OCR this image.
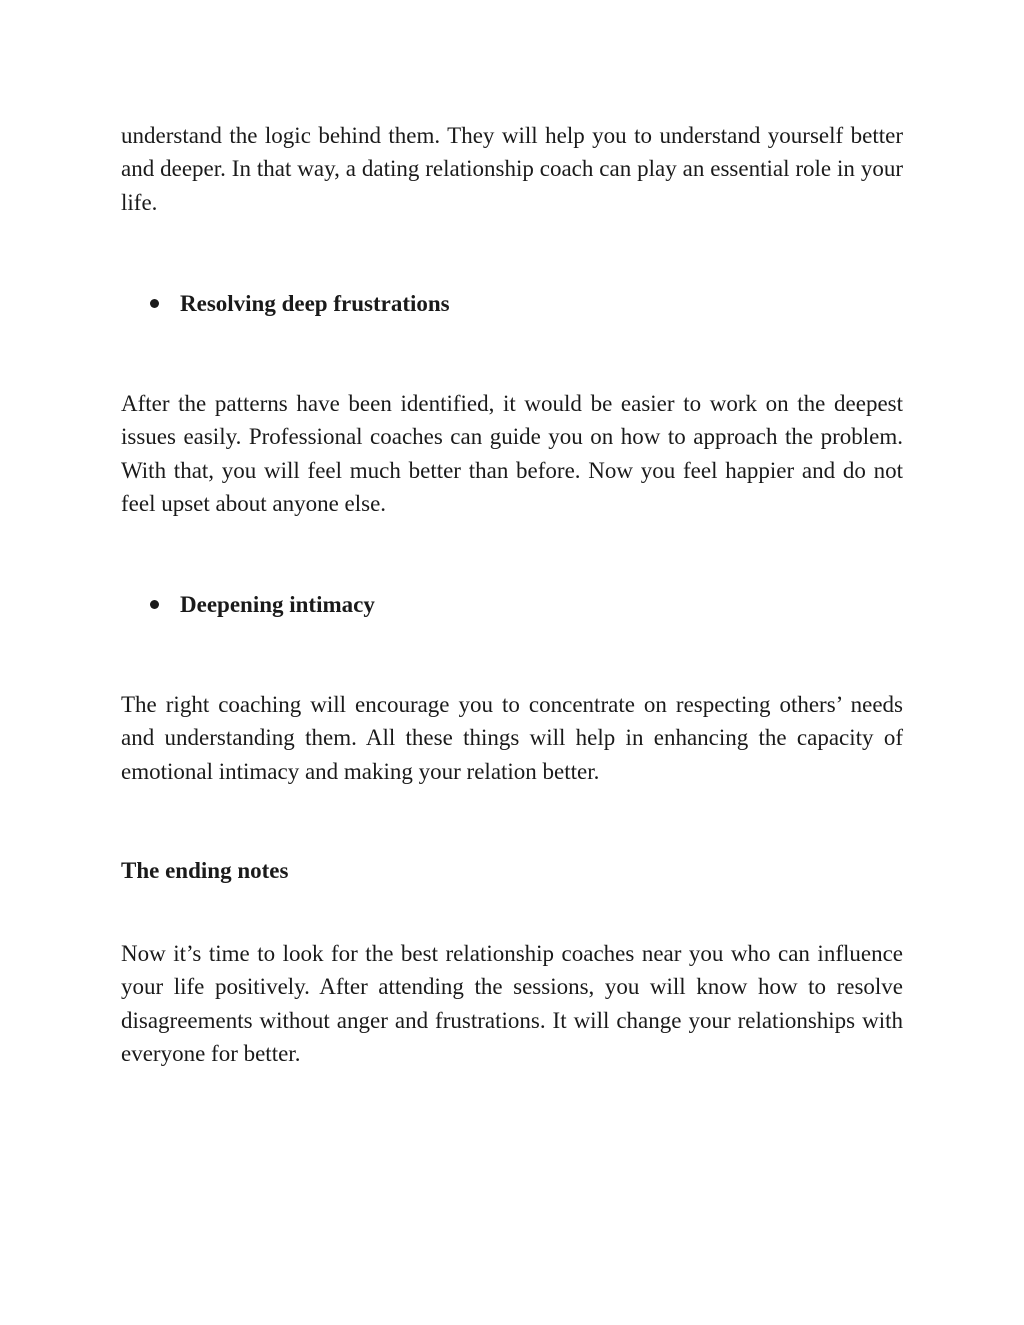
understand the logic behind them. They will help you to understand yourself better and deeper. In that way, a dating relationship coach can play an essential role in your life.

Resolving deep frustrations

After the patterns have been identified, it would be easier to work on the deepest issues easily. Professional coaches can guide you on how to approach the problem. With that, you will feel much better than before. Now you feel happier and do not feel upset about anyone else.

Deepening intimacy

The right coaching will encourage you to concentrate on respecting others’ needs and understanding them. All these things will help in enhancing the capacity of emotional intimacy and making your relation better.

The ending notes

Now it’s time to look for the best relationship coaches near you who can influence your life positively. After attending the sessions, you will know how to resolve disagreements without anger and frustrations. It will change your relationships with everyone for better.
